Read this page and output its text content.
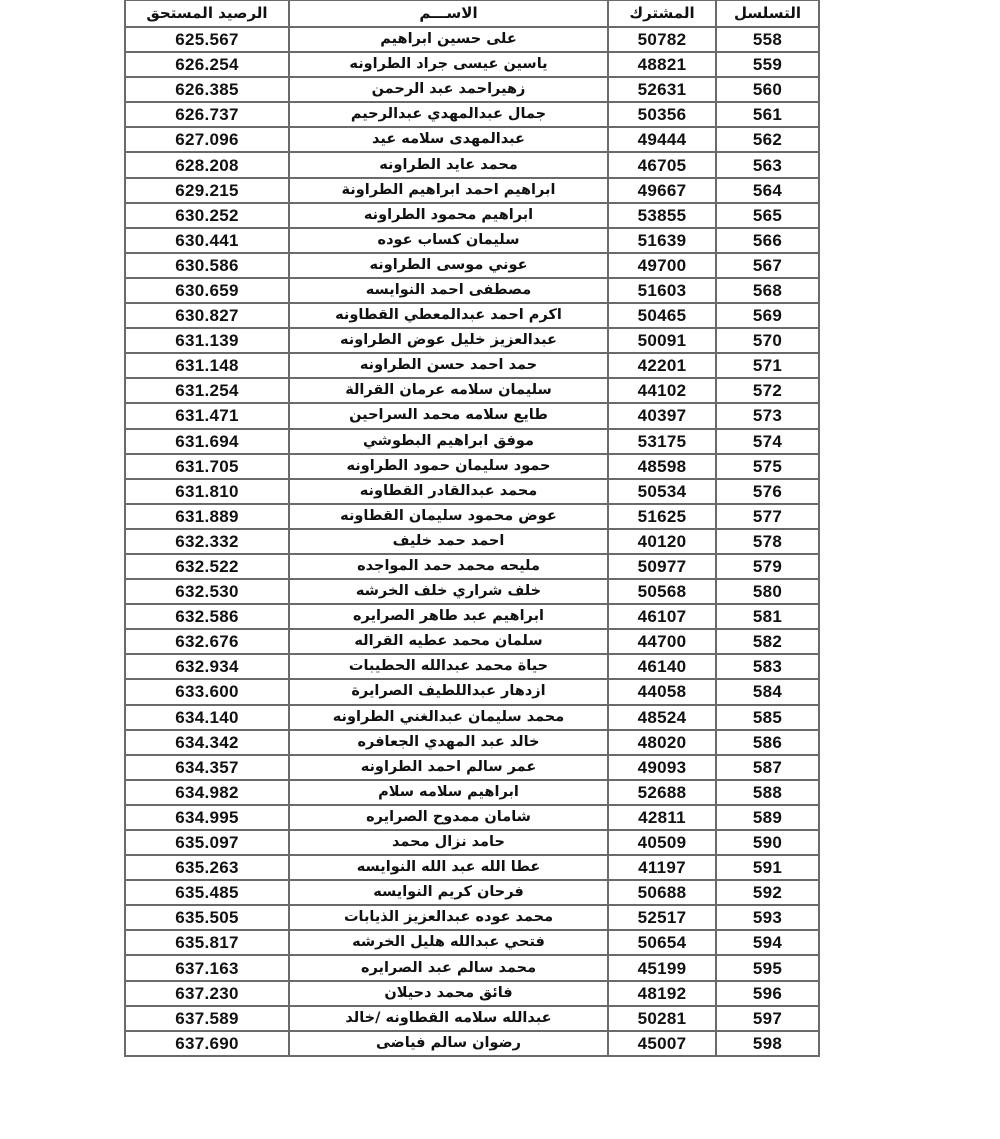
التسلسل	المشترك	الاســـم	الرصيد المستحق
558	50782	على حسين ابراهيم	625.567
559	48821	ياسين عيسى جراد الطراونه	626.254
560	52631	زهيراحمد عبد الرحمن	626.385
561	50356	جمال عبدالمهدي عبدالرحيم	626.737
562	49444	عبدالمهدى سلامه عيد	627.096
563	46705	محمد عايد الطراونه	628.208
564	49667	ابراهيم احمد ابراهيم الطراونة	629.215
565	53855	ابراهيم محمود الطراونه	630.252
566	51639	سليمان كساب عوده	630.441
567	49700	عوني موسى الطراونه	630.586
568	51603	مصطفى احمد النوايسه	630.659
569	50465	اكرم احمد عبدالمعطي القطاونه	630.827
570	50091	عبدالعزيز خليل عوض الطراونه	631.139
571	42201	حمد احمد حسن الطراونه	631.148
572	44102	سليمان سلامه عرمان القرالة	631.254
573	40397	طايع سلامه محمد السراحين	631.471
574	53175	موفق ابراهيم البطوشي	631.694
575	48598	حمود سليمان حمود الطراونه	631.705
576	50534	محمد عبدالقادر القطاونه	631.810
577	51625	عوض محمود سليمان القطاونه	631.889
578	40120	احمد حمد خليف	632.332
579	50977	مليحه محمد حمد المواجده	632.522
580	50568	خلف شراري خلف الخرشه	632.530
581	46107	ابراهيم عبد طاهر الصرايره	632.586
582	44700	سلمان محمد عطيه القراله	632.676
583	46140	حياة محمد عبدالله الحطيبات	632.934
584	44058	ازدهار عبداللطيف الصرايرة	633.600
585	48524	محمد سليمان عبدالغني الطراونه	634.140
586	48020	خالد عبد المهدي الجعافره	634.342
587	49093	عمر سالم احمد الطراونه	634.357
588	52688	ابراهيم سلامه سلام	634.982
589	42811	شامان ممدوح الصرايره	634.995
590	40509	حامد نزال محمد	635.097
591	41197	عطا الله عبد الله النوايسه	635.263
592	50688	فرحان كريم النوايسه	635.485
593	52517	محمد عوده عبدالعزيز الذيابات	635.505
594	50654	فتحي عبدالله هليل الخرشه	635.817
595	45199	محمد سالم عبد الصرايره	637.163
596	48192	فائق محمد دحيلان	637.230
597	50281	عبدالله سلامه القطاونه /خالد	637.589
598	45007	رضوان سالم فياضى	637.690
